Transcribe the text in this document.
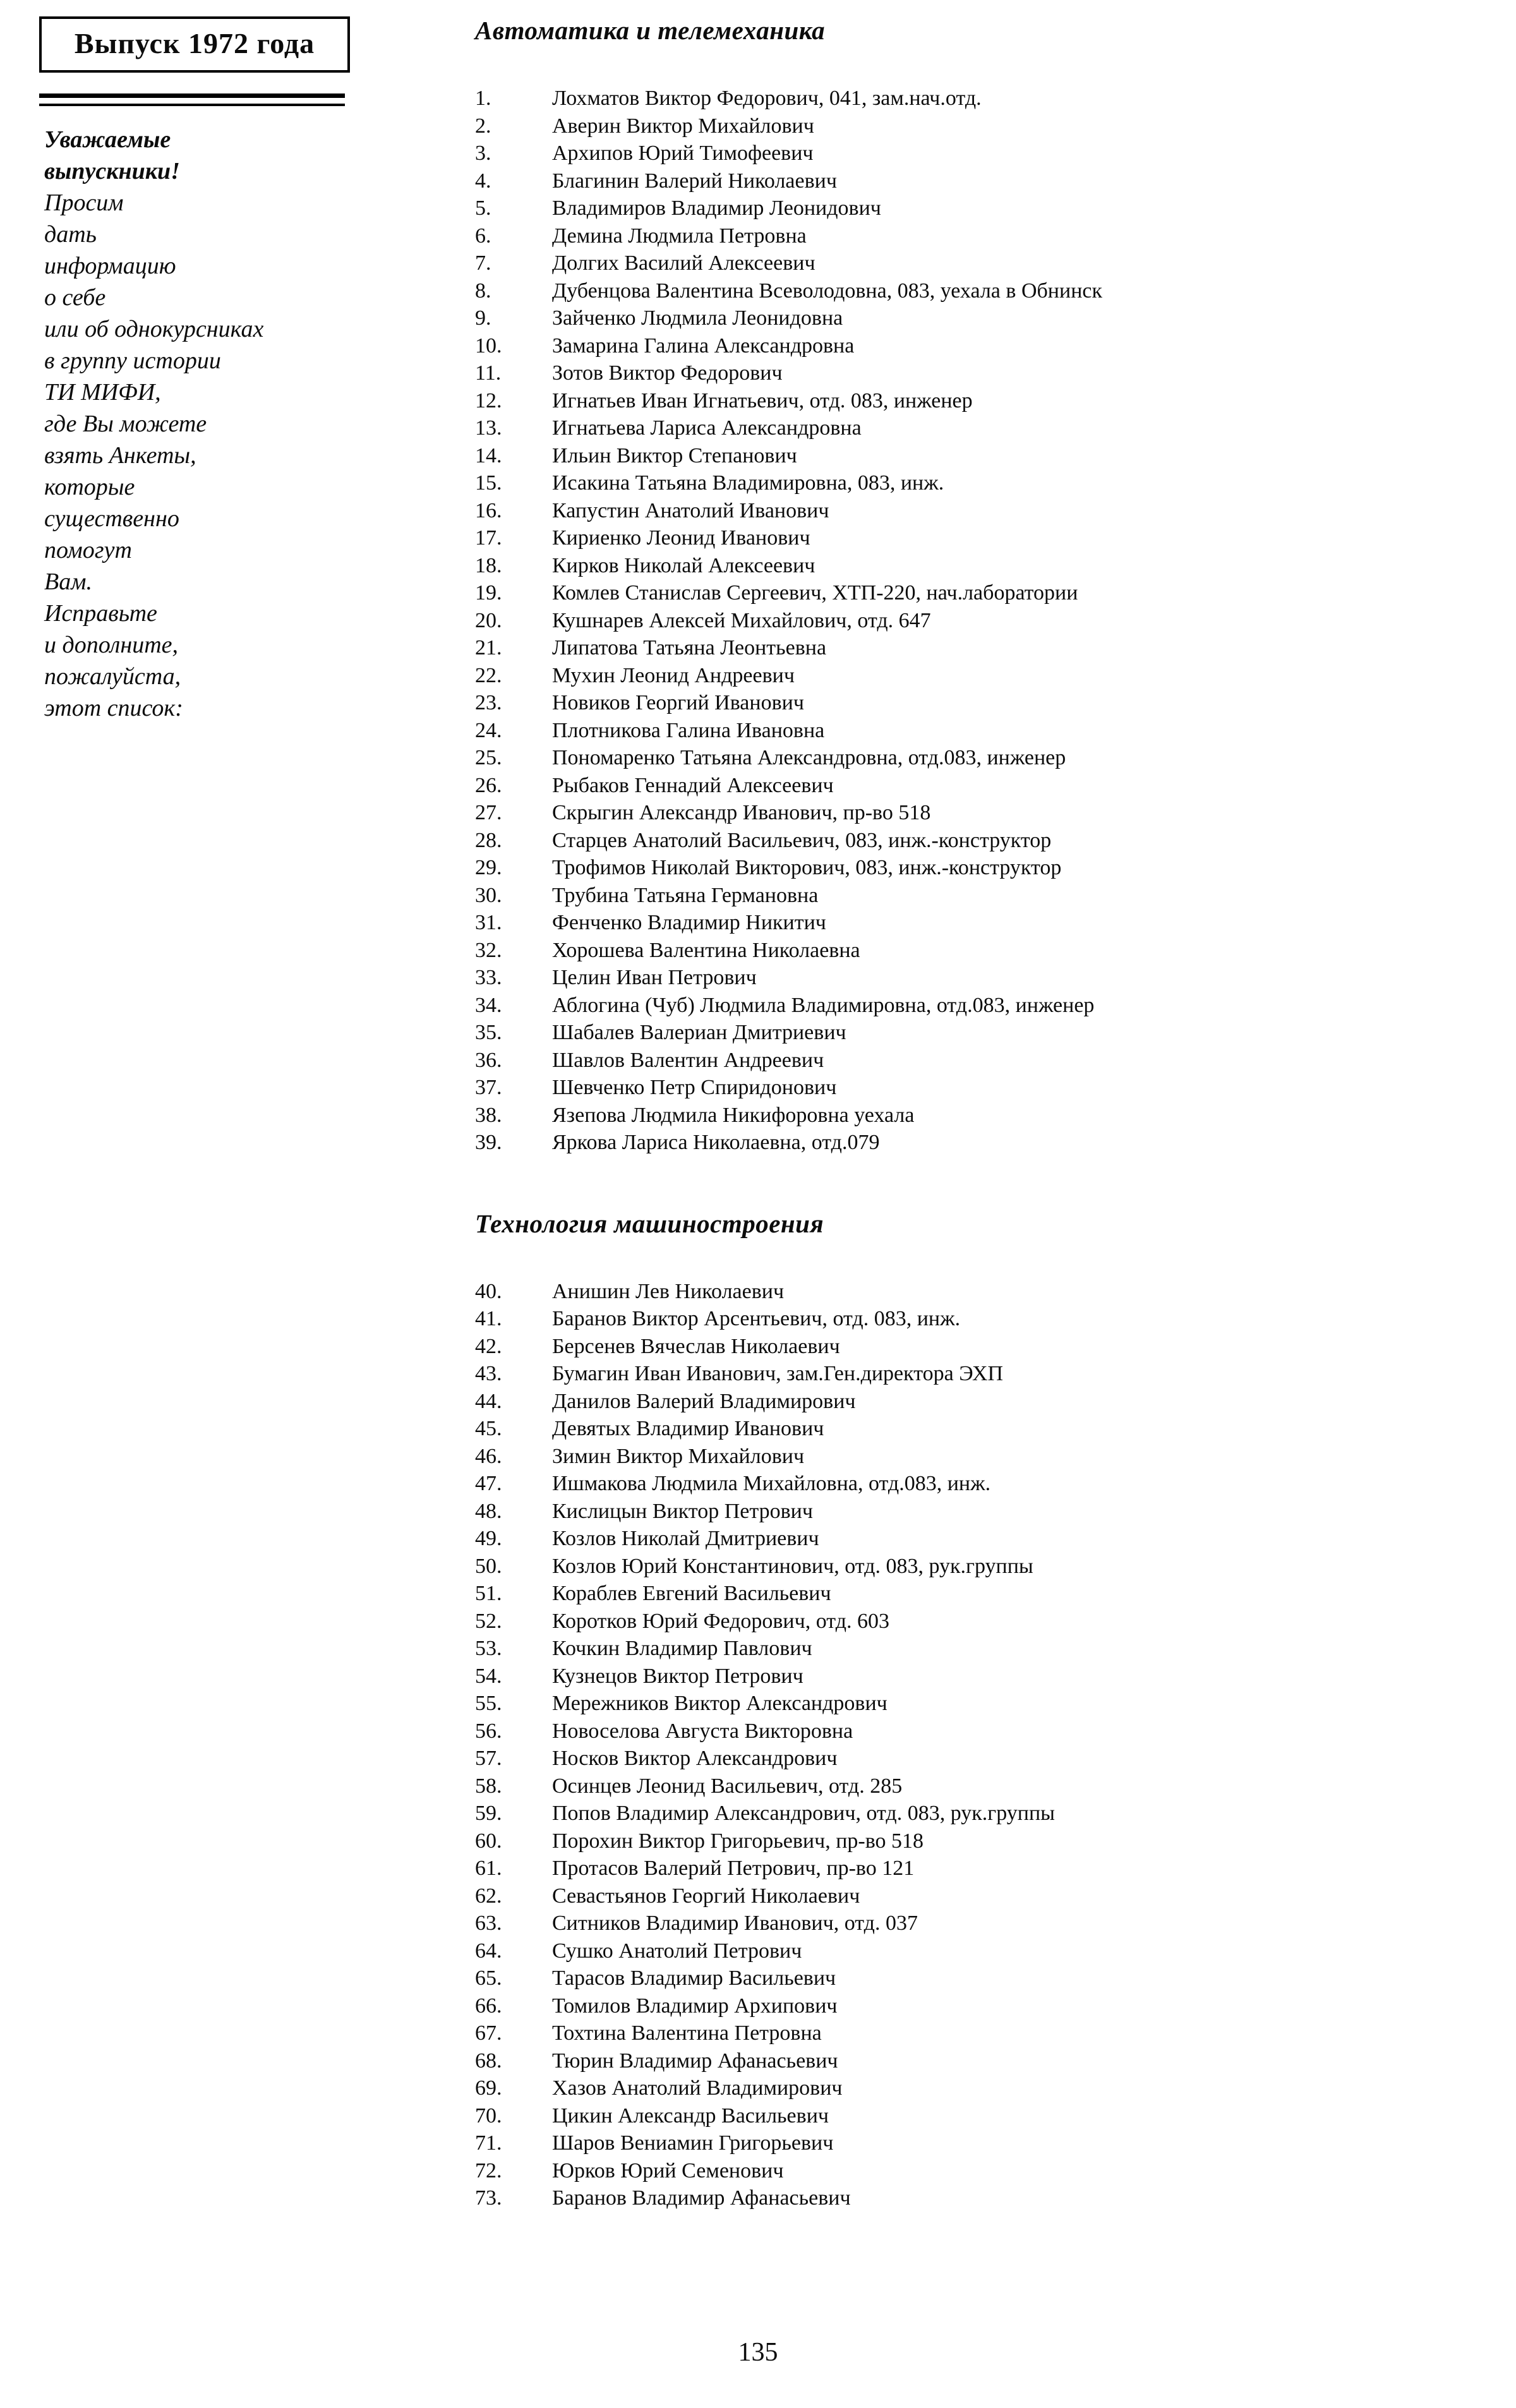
Выпуск 1972 года
Уважаемые
выпускники!
Просим
дать
информацию
о себе
или об однокурсниках
в группу истории
ТИ МИФИ,
где Вы можете
взять Анкеты,
которые
существенно
помогут
Вам.
Исправьте
и дополните,
пожалуйста,
этот список:
Автоматика и телемеханика
1.	Лохматов Виктор Федорович, 041, зам.нач.отд.
2.	Аверин Виктор Михайлович
3.	Архипов Юрий Тимофеевич
4.	Благинин Валерий Николаевич
5.	Владимиров Владимир Леонидович
6.	Демина Людмила Петровна
7.	Долгих Василий Алексеевич
8.	Дубенцова Валентина Всеволодовна, 083, уехала в Обнинск
9.	Зайченко Людмила Леонидовна
10.	Замарина Галина Александровна
11.	Зотов Виктор Федорович
12.	Игнатьев Иван Игнатьевич, отд. 083, инженер
13.	Игнатьева Лариса Александровна
14.	Ильин Виктор Степанович
15.	Исакина Татьяна Владимировна, 083, инж.
16.	Капустин Анатолий Иванович
17.	Кириенко Леонид Иванович
18.	Кирков Николай Алексеевич
19.	Комлев Станислав Сергеевич, ХТП-220, нач.лаборатории
20.	Кушнарев Алексей Михайлович, отд. 647
21.	Липатова Татьяна Леонтьевна
22.	Мухин Леонид Андреевич
23.	Новиков Георгий Иванович
24.	Плотникова Галина Ивановна
25.	Пономаренко Татьяна Александровна, отд.083, инженер
26.	Рыбаков Геннадий Алексеевич
27.	Скрыгин Александр Иванович, пр-во 518
28.	Старцев Анатолий Васильевич, 083, инж.-конструктор
29.	Трофимов Николай Викторович, 083, инж.-конструктор
30.	Трубина Татьяна Германовна
31.	Фенченко Владимир Никитич
32.	Хорошева Валентина Николаевна
33.	Целин Иван Петрович
34.	Аблогина (Чуб) Людмила Владимировна, отд.083, инженер
35.	Шабалев Валериан Дмитриевич
36.	Шавлов Валентин Андреевич
37.	Шевченко Петр Спиридонович
38.	Язепова Людмила Никифоровна уехала
39.	Яркова Лариса Николаевна, отд.079
Технология машиностроения
40.	Анишин Лев Николаевич
41.	Баранов Виктор Арсентьевич, отд. 083, инж.
42.	Берсенев Вячеслав Николаевич
43.	Бумагин Иван Иванович, зам.Ген.директора ЭХП
44.	Данилов Валерий Владимирович
45.	Девятых Владимир Иванович
46.	Зимин Виктор Михайлович
47.	Ишмакова Людмила Михайловна, отд.083, инж.
48.	Кислицын Виктор Петрович
49.	Козлов Николай Дмитриевич
50.	Козлов Юрий Константинович, отд. 083, рук.группы
51.	Кораблев Евгений Васильевич
52.	Коротков Юрий Федорович, отд. 603
53.	Кочкин Владимир Павлович
54.	Кузнецов Виктор Петрович
55.	Мережников Виктор Александрович
56.	Новоселова Августа Викторовна
57.	Носков Виктор Александрович
58.	Осинцев Леонид Васильевич, отд. 285
59.	Попов Владимир Александрович, отд. 083, рук.группы
60.	Порохин Виктор Григорьевич, пр-во 518
61.	Протасов Валерий Петрович, пр-во 121
62.	Севастьянов Георгий Николаевич
63.	Ситников Владимир Иванович, отд. 037
64.	Сушко Анатолий Петрович
65.	Тарасов Владимир Васильевич
66.	Томилов Владимир Архипович
67.	Тохтина Валентина Петровна
68.	Тюрин Владимир Афанасьевич
69.	Хазов Анатолий Владимирович
70.	Цикин Александр Васильевич
71.	Шаров Вениамин Григорьевич
72.	Юрков Юрий Семенович
73.	Баранов Владимир Афанасьевич
135
